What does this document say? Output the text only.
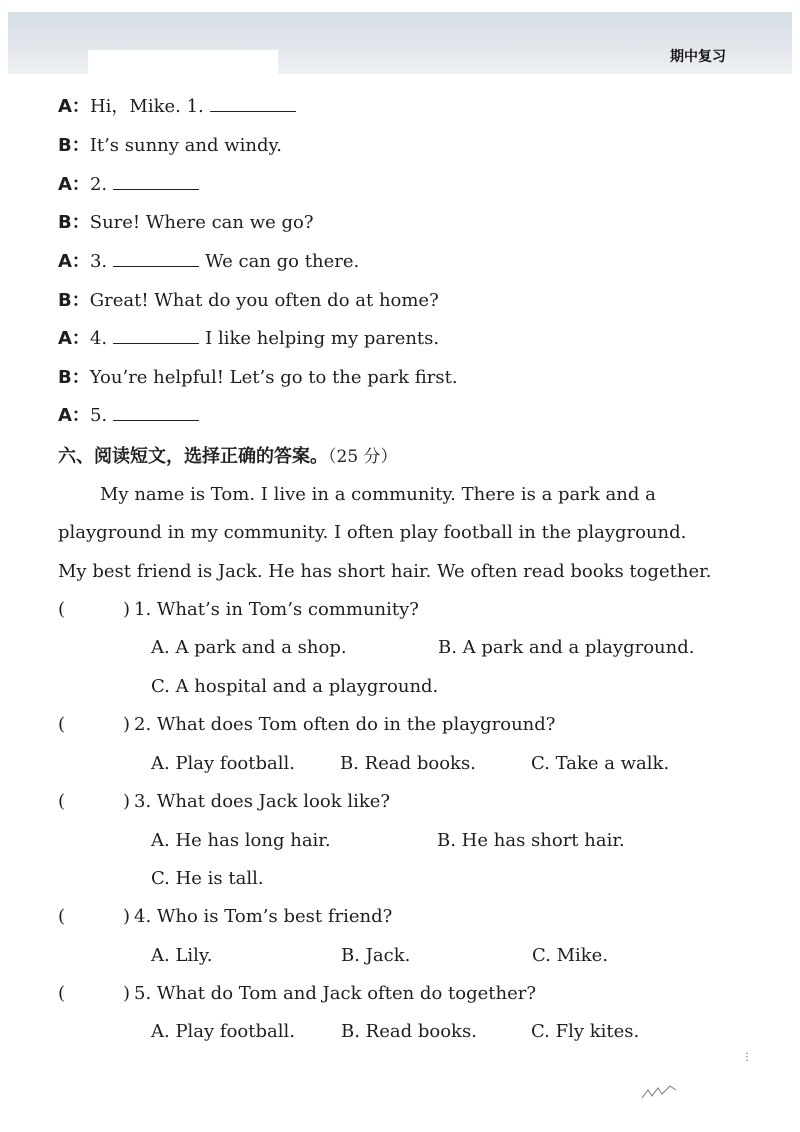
期中复习
A：Hi，Mike. 1.
B：It’s sunny and windy.
A：2.
B：Sure! Where can we go?
A：3.	We can go there.
B：Great! What do you often do at home?
A：4.	I like helping my parents.
B：You’re helpful! Let’s go to the park first.
A：5.
六、阅读短文，选择正确的答案。（25 分）
My name is Tom. I live in a community. There is a park and a
playground in my community. I often play football in the playground.
My best friend is Jack. He has short hair. We often read books together.
(	) 1. What’s in Tom’s community?
A. A park and a shop.	B. A park and a playground.
C. A hospital and a playground.
(	) 2. What does Tom often do in the playground?
A. Play football.	B. Read books.	C. Take a walk.
(	) 3. What does Jack look like?
A. He has long hair.	B. He has short hair.
C. He is tall.
(	) 4. Who is Tom’s best friend?
A. Lily.	B. Jack.	C. Mike.
(	) 5. What do Tom and Jack often do together?
A. Play football.	B. Read books.	C. Fly kites.
⋮
